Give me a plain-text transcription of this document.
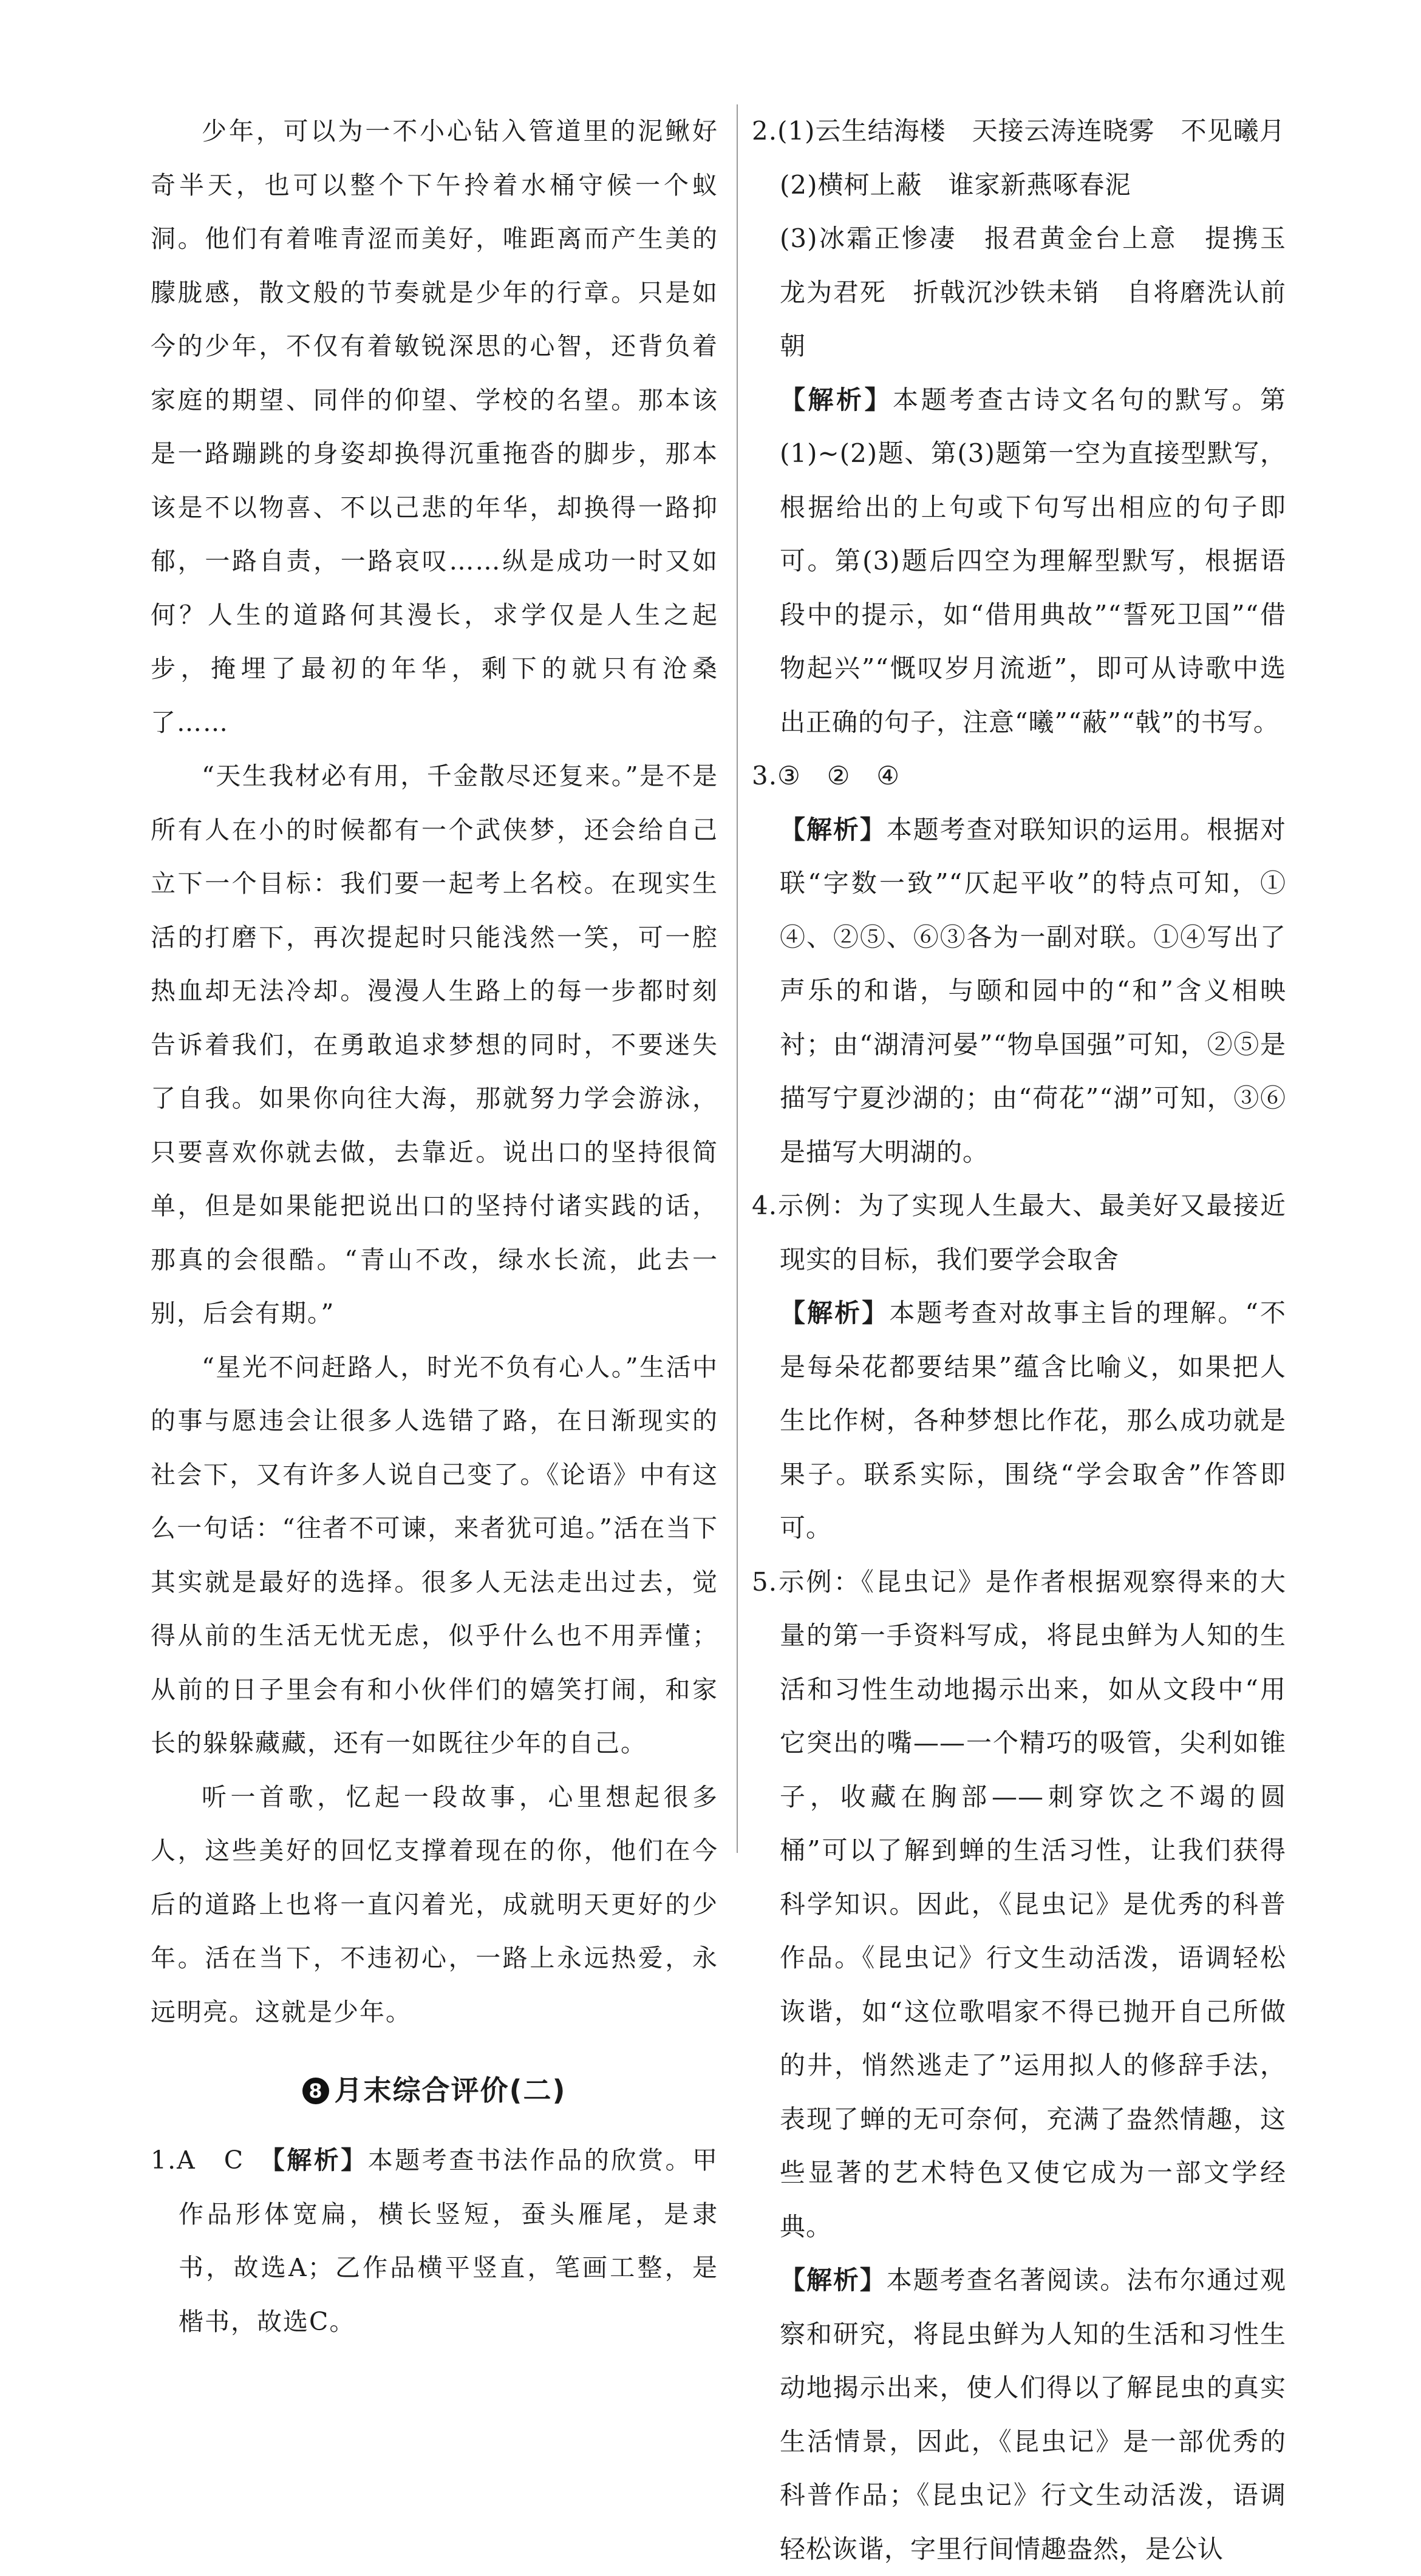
少年，可以为一不小心钻入管道里的泥鳅好奇半天，也可以整个下午拎着水桶守候一个蚁洞。他们有着唯青涩而美好，唯距离而产生美的朦胧感，散文般的节奏就是少年的行章。只是如今的少年，不仅有着敏锐深思的心智，还背负着家庭的期望、同伴的仰望、学校的名望。那本该是一路蹦跳的身姿却换得沉重拖沓的脚步，那本该是不以物喜、不以己悲的年华，却换得一路抑郁，一路自责，一路哀叹……纵是成功一时又如何？人生的道路何其漫长，求学仅是人生之起步，掩埋了最初的年华，剩下的就只有沧桑了……

“天生我材必有用，千金散尽还复来。”是不是所有人在小的时候都有一个武侠梦，还会给自己立下一个目标：我们要一起考上名校。在现实生活的打磨下，再次提起时只能浅然一笑，可一腔热血却无法冷却。漫漫人生路上的每一步都时刻告诉着我们，在勇敢追求梦想的同时，不要迷失了自我。如果你向往大海，那就努力学会游泳，只要喜欢你就去做，去靠近。说出口的坚持很简单，但是如果能把说出口的坚持付诸实践的话，那真的会很酷。“青山不改，绿水长流，此去一别，后会有期。”

“星光不问赶路人，时光不负有心人。”生活中的事与愿违会让很多人选错了路，在日渐现实的社会下，又有许多人说自己变了。《论语》中有这么一句话：“往者不可谏，来者犹可追。”活在当下其实就是最好的选择。很多人无法走出过去，觉得从前的生活无忧无虑，似乎什么也不用弄懂；从前的日子里会有和小伙伴们的嬉笑打闹，和家长的躲躲藏藏，还有一如既往少年的自己。

听一首歌，忆起一段故事，心里想起很多人，这些美好的回忆支撑着现在的你，他们在今后的道路上也将一直闪着光，成就明天更好的少年。活在当下，不违初心，一路上永远热爱，永远明亮。这就是少年。

8 月末综合评价(二)

1.A　C　 【解析】本题考查书法作品的欣赏。甲作品形体宽扁，横长竖短，蚕头雁尾，是隶书，故选A；乙作品横平竖直，笔画工整，是楷书，故选C。

2.(1)云生结海楼　天接云涛连晓雾　不见曦月

(2)横柯上蔽　谁家新燕啄春泥

(3)冰霜正惨凄　报君黄金台上意　提携玉龙为君死　折戟沉沙铁未销　自将磨洗认前朝

【解析】本题考查古诗文名句的默写。第(1)~(2)题、第(3)题第一空为直接型默写，根据给出的上句或下句写出相应的句子即可。第(3)题后四空为理解型默写，根据语段中的提示，如“借用典故”“誓死卫国”“借物起兴”“慨叹岁月流逝”，即可从诗歌中选出正确的句子，注意“曦”“蔽”“戟”的书写。

3.③　②　④

【解析】本题考查对联知识的运用。根据对联“字数一致”“仄起平收”的特点可知，①④、②⑤、⑥③各为一副对联。①④写出了声乐的和谐，与颐和园中的“和”含义相映衬；由“湖清河晏”“物阜国强”可知，②⑤是描写宁夏沙湖的；由“荷花”“湖”可知，③⑥是描写大明湖的。

4.示例：为了实现人生最大、最美好又最接近现实的目标，我们要学会取舍

【解析】本题考查对故事主旨的理解。“不是每朵花都要结果”蕴含比喻义，如果把人生比作树，各种梦想比作花，那么成功就是果子。联系实际，围绕“学会取舍”作答即可。

5.示例：《昆虫记》是作者根据观察得来的大量的第一手资料写成，将昆虫鲜为人知的生活和习性生动地揭示出来，如从文段中“用它突出的嘴——一个精巧的吸管，尖利如锥子，收藏在胸部——刺穿饮之不竭的圆桶”可以了解到蝉的生活习性，让我们获得科学知识。因此，《昆虫记》是优秀的科普作品。《昆虫记》行文生动活泼，语调轻松诙谐，如“这位歌唱家不得已抛开自己所做的井，悄然逃走了”运用拟人的修辞手法，表现了蝉的无可奈何，充满了盎然情趣，这些显著的艺术特色又使它成为一部文学经典。

【解析】本题考查名著阅读。法布尔通过观察和研究，将昆虫鲜为人知的生活和习性生动地揭示出来，使人们得以了解昆虫的真实生活情景，因此，《昆虫记》是一部优秀的科普作品；《昆虫记》行文生动活泼，语调轻松诙谐，字里行间情趣盎然，是公认
